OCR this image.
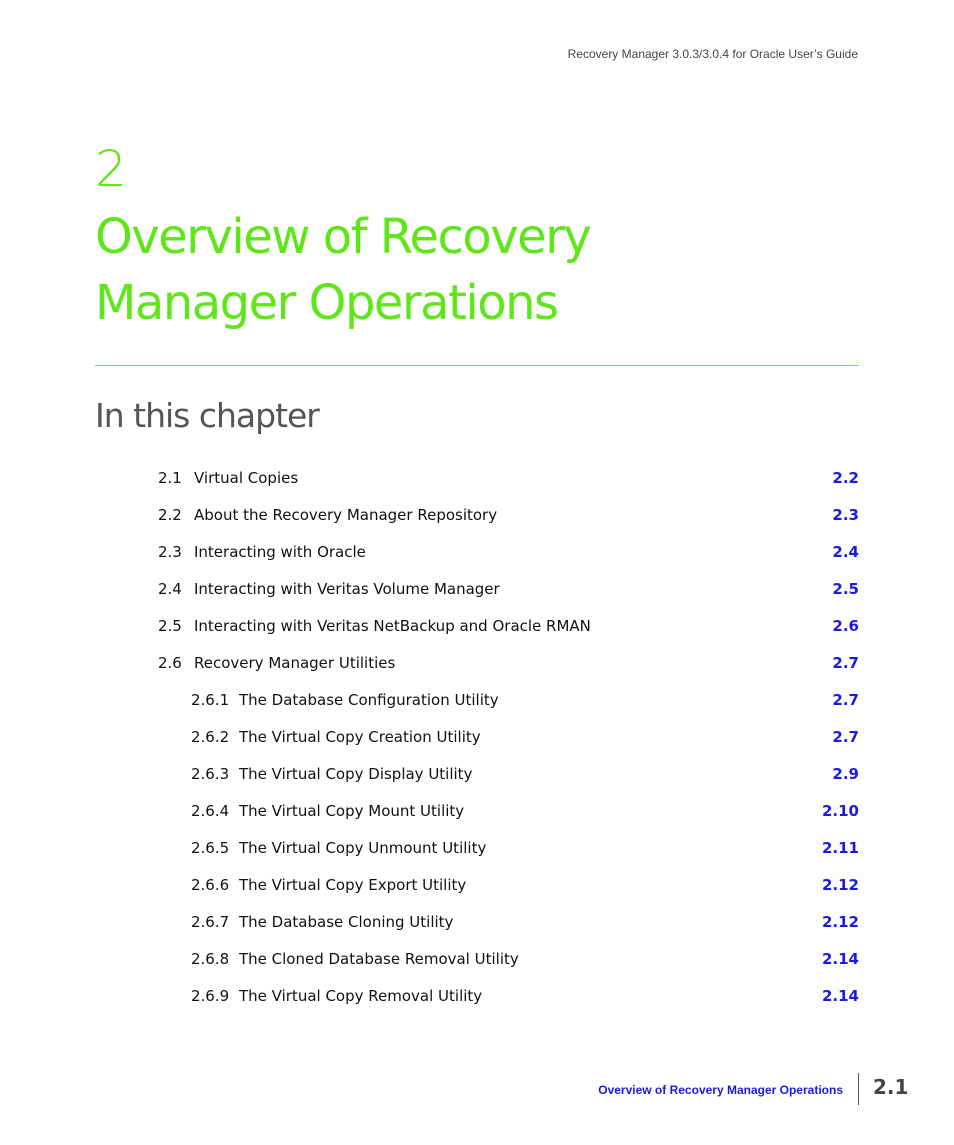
Recovery Manager 3.0.3/3.0.4 for Oracle User’s Guide
2
Overview of Recovery
Manager Operations
In this chapter
2.1 Virtual Copies	2.2
2.2 About the Recovery Manager Repository	2.3
2.3 Interacting with Oracle	2.4
2.4 Interacting with Veritas Volume Manager	2.5
2.5 Interacting with Veritas NetBackup and Oracle RMAN	2.6
2.6 Recovery Manager Utilities	2.7
2.6.1 The Database Configuration Utility	2.7
2.6.2 The Virtual Copy Creation Utility	2.7
2.6.3 The Virtual Copy Display Utility	2.9
2.6.4 The Virtual Copy Mount Utility	2.10
2.6.5 The Virtual Copy Unmount Utility	2.11
2.6.6 The Virtual Copy Export Utility	2.12
2.6.7 The Database Cloning Utility	2.12
2.6.8 The Cloned Database Removal Utility	2.14
2.6.9 The Virtual Copy Removal Utility	2.14
Overview of Recovery Manager Operations 2.1
